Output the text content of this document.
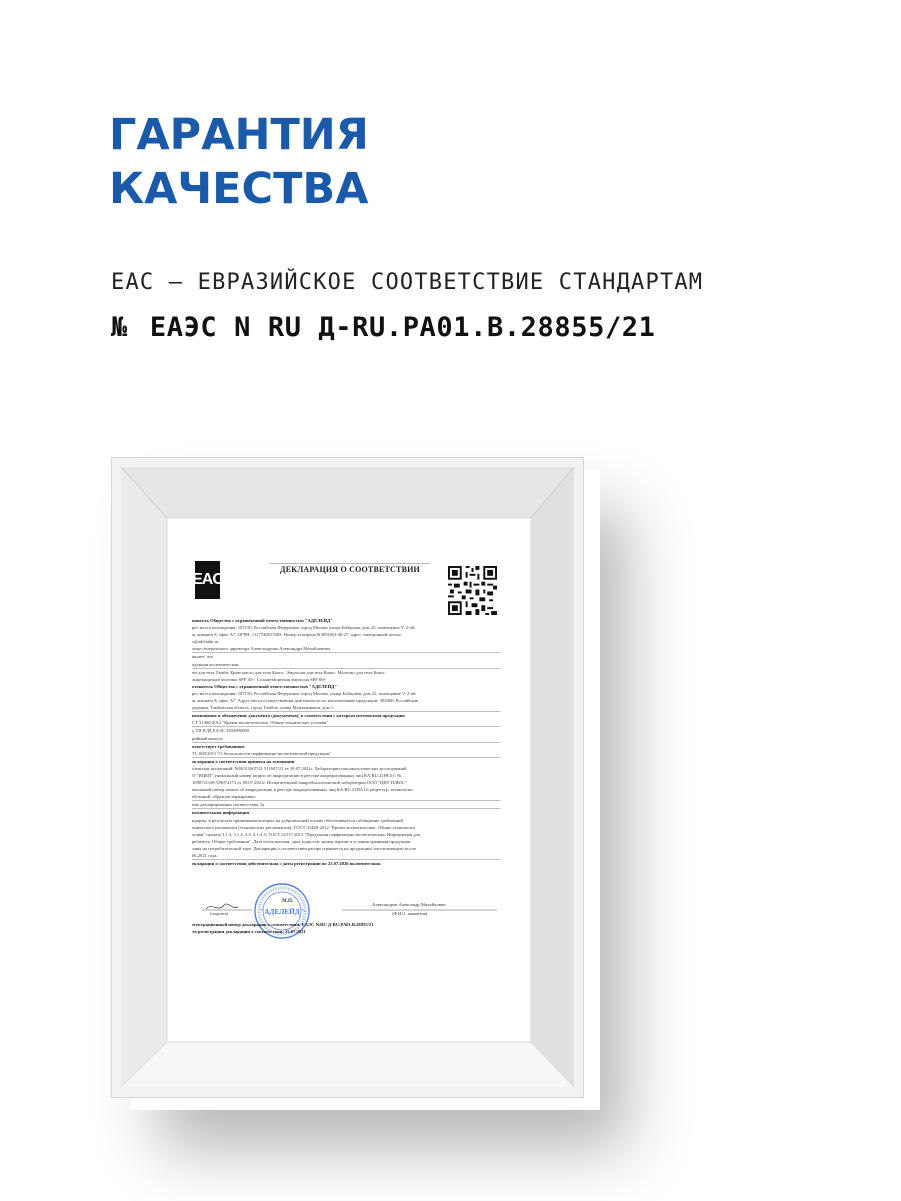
ГАРАНТИЯ
КАЧЕСТВА
EAC – ЕВРАЗИЙСКОЕ СООТВЕТСТВИЕ СТАНДАРТАМ
№ ЕАЭС N RU Д-RU.PA01.B.28855/21
EAC
ДЕКЛАРАЦИЯ О СООТВЕТСТВИИ
явитель Общество с ограниченной ответственностью "АДЕЛЕЙД"
рес места нахождения: 107150, Российская Федерация, город Москва улица Бойцовая, дом 22, помещение V, 2-ой
ж, комната 8, офис А7. ОГРН: 1117746917683. Номер телефона 8(495)363-40-27, адрес электронной почты
s@adelaide.ru.
лице генерального директора Александрова Александра Михайловича
являет, что
одукция косметическая:
ем для тела Тамби. Крем-масло для тела Кокос. Эмульсия для тела Кокос. Молочко для тела Кокос
лнцезащитное молочко SPF 30+. Солнцезащитная эмульсия SPF 60+
отовитель Общество с ограниченной ответственностью "АДЕЛЕЙД"
рес места нахождения: 107150, Российская Федерация, город Москва, улица Бойцовая, дом 22, помещение V, 2-ой
ж, комната 8, офис А7. Адрес места осуществления деятельности по изготовлению продукции: 392000, Российская
дерация, Тамбовская область, город Тамбов, улица Монтажников, дом 1.
именование и обозначение документа (документов), в соответствии с которым изготовлена продукция
СТ 31460-2012 "Кремы косметические. Общие технические условия"
д ТН ВЭД ЕАЭС 3304990000
рийный выпуск
ответствует требованиям
ТС 009/2011 "О безопасности парфюмерно-косметической продукции"
екларация о соответствии принята на основании
отоколов испытаний: №№511607/21 511607/21 от 19.07.2021г. Лаборатории токсикологических исследований
О "ИЦКП" уникальный номер записи об аккредитации в реестре аккредитованных лиц RA.RU.21HC51; №
1090721/68-539072173 от 09.07.2021г. Испытательной микробиологической лаборатории ООО "ЦНТ ПЛЮС"
икальный номер записи об аккредитации в реестре аккредитованных лиц RA.RU.21HA14; рецептур, технически
ебований, образцов маркировки.
ема декларирования соответствия 3д
полнительная информация
ндарты, в результате применения которых на добровольной основе обеспечивается соблюдение требований
хнического регламента (технических регламентов): ГОСТ 31460-2012 "Кремы косметические. Общие технически
ловия" пункты 3.1.3, 3.1.4, 3.3, 4.1-4.5; ГОСТ 32117-2013 "Продукция парфюмерно-косметическая. Информация для
ребителя. Общие требования". Дата изготовления, срок годности, номер партии и условия хранения продукции
заны на потребительской таре. Декларация о соответствии распространяется на продукцию, изготовленную после
06.2021 года.
екларация о соответствии действительна с даты регистрации по 25.07.2026 включительно.
(подпись)
М.П.
Александров Александр Михайлович
(Ф.И.О. заявителя)
"АДЕЛЕЙД"
егистрационный номер декларации о соответствии: ЕАЭС №RU Д-RU.PA01.B.28855/21
та регистрации декларации о соответствии: 25.07.2021
